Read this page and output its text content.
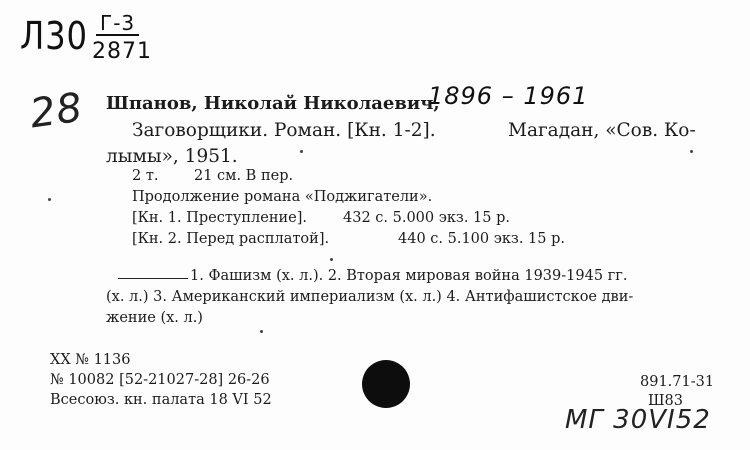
Л30 Г-3
2871
28 Шпанов, Николай Николаевич,
1896 – 1961
Заговорщики. Роман. [Кн. 1-2].	Магадан, «Сов. Ко-
лымы», 1951.
2 т. 21 см. В пер.
Продолжение романа «Поджигатели».
[Кн. 1. Преступление]. 432 с. 5.000 экз. 15 р.
[Кн. 2. Перед расплатой].	440 с. 5.100 экз. 15 р.
1. Фашизм (х. л.). 2. Вторая мировая война 1939-1945 гг.
(х. л.) 3. Американский империализм (х. л.) 4. Антифашистское дви-
жение (х. л.)
XX № 1136
№ 10082 [52-21027-28] 26-26
Всесоюз. кн. палата 18 VI 52
891.71-31
Ш83
МГ 30VI52
